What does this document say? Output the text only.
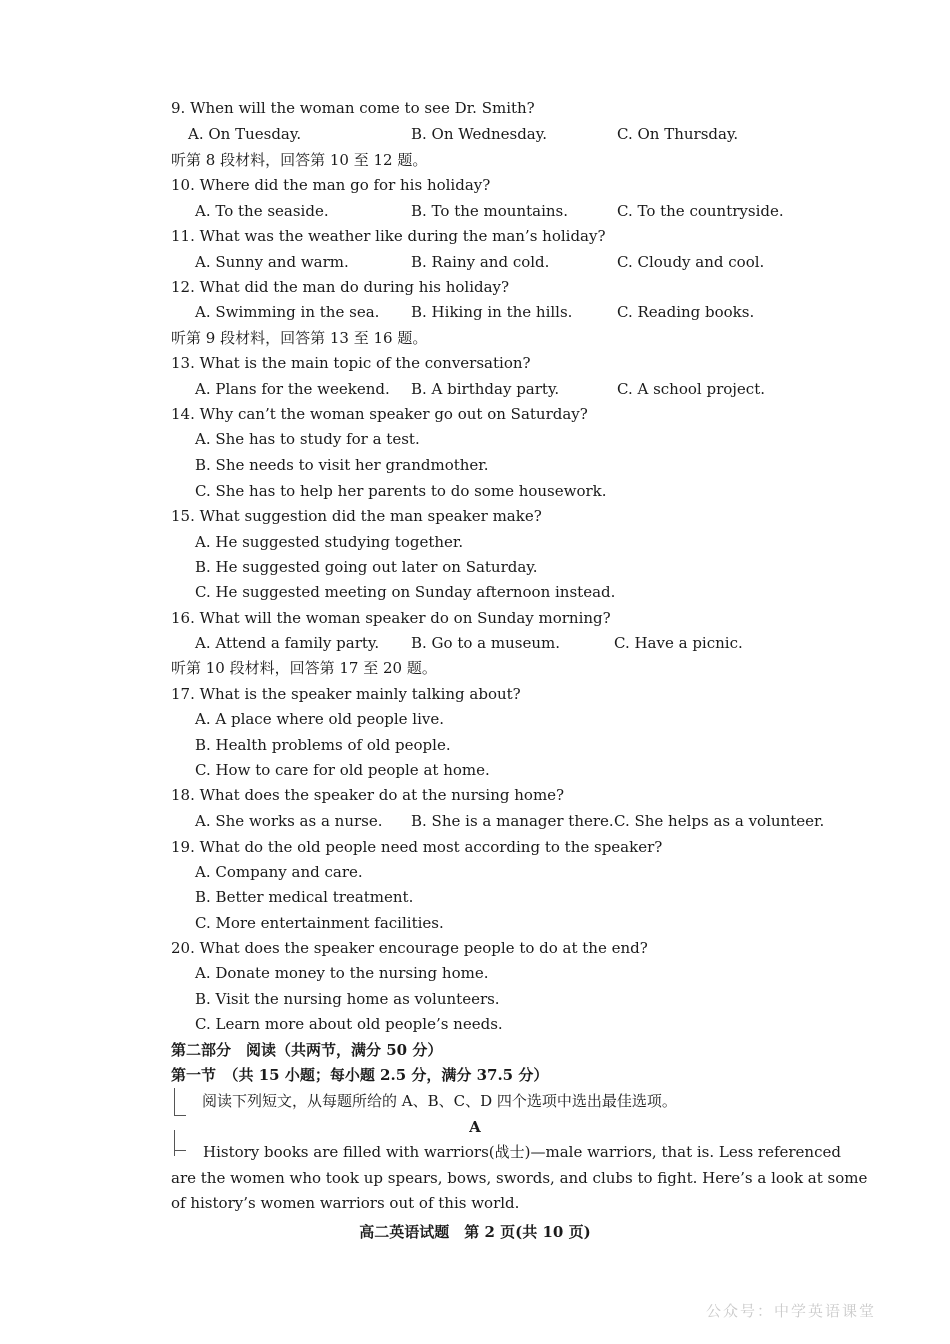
9. When will the woman come to see Dr. Smith?
A. On Tuesday.	B. On Wednesday.	C. On Thursday.
听第 8 段材料，回答第 10 至 12 题。
10. Where did the man go for his holiday?
A. To the seaside.	B. To the mountains.	C. To the countryside.
11. What was the weather like during the man’s holiday?
A. Sunny and warm.	B. Rainy and cold.	C. Cloudy and cool.
12. What did the man do during his holiday?
A. Swimming in the sea. B. Hiking in the hills.	C. Reading books.
听第 9 段材料，回答第 13 至 16 题。
13. What is the main topic of the conversation?
A. Plans for the weekend. B. A birthday party.	C. A school project.
14. Why can’t the woman speaker go out on Saturday?
A. She has to study for a test.
B. She needs to visit her grandmother.
C. She has to help her parents to do some housework.
15. What suggestion did the man speaker make?
A. He suggested studying together.
B. He suggested going out later on Saturday.
C. He suggested meeting on Sunday afternoon instead.
16. What will the woman speaker do on Sunday morning?
A. Attend a family party. B. Go to a museum.	C. Have a picnic.
听第 10 段材料，回答第 17 至 20 题。
17. What is the speaker mainly talking about?
A. A place where old people live.
B. Health problems of old people.
C. How to care for old people at home.
18. What does the speaker do at the nursing home?
A. She works as a nurse. B. She is a manager there. C. She helps as a volunteer.
19. What do the old people need most according to the speaker?
A. Company and care.
B. Better medical treatment.
C. More entertainment facilities.
20. What does the speaker encourage people to do at the end?
A. Donate money to the nursing home.
B. Visit the nursing home as volunteers.
C. Learn more about old people’s needs.
第二部分　阅读（共两节，满分 50 分）
第一节　（共 15 小题；每小题 2.5 分，满分 37.5 分）
阅读下列短文，从每题所给的 A、B、C、D 四个选项中选出最佳选项。
A
History books are filled with warriors(战士)—male warriors, that is. Less referenced
are the women who took up spears, bows, swords, and clubs to fight. Here’s a look at some
of history’s women warriors out of this world.
高二英语试题　第 2 页(共 10 页)
公众号：中学英语课堂
